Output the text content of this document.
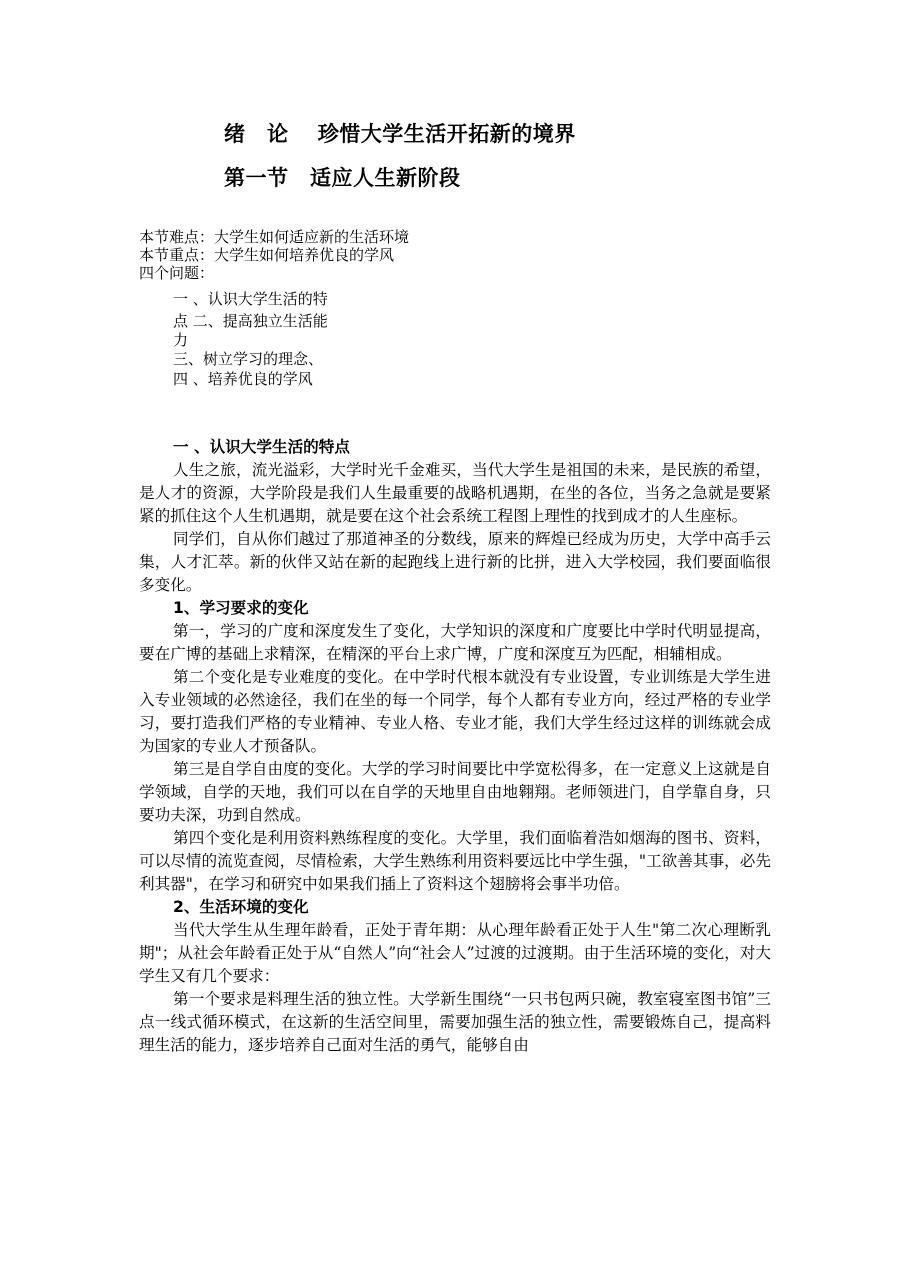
绪　论　 珍惜大学生活开拓新的境界
第一节　适应人生新阶段
本节难点：大学生如何适应新的生活环境
本节重点：大学生如何培养优良的学风
四个问题：
一 、认识大学生活的特
点 二、提高独立生活能
力
三、树立学习的理念、
四 、培养优良的学风

一 、认识大学生活的特点

人生之旅，流光溢彩，大学时光千金难买，当代大学生是祖国的未来，是民族的希望，是人才的资源，大学阶段是我们人生最重要的战略机遇期，在坐的各位，当务之急就是要紧紧的抓住这个人生机遇期，就是要在这个社会系统工程图上理性的找到成才的人生座标。

同学们，自从你们越过了那道神圣的分数线，原来的辉煌已经成为历史，大学中高手云集，人才汇萃。新的伙伴又站在新的起跑线上进行新的比拼，进入大学校园，我们要面临很多变化。

1、学习要求的变化

第一，学习的广度和深度发生了变化，大学知识的深度和广度要比中学时代明显提高，要在广博的基础上求精深，在精深的平台上求广博，广度和深度互为匹配，相辅相成。

第二个变化是专业难度的变化。在中学时代根本就没有专业设置，专业训练是大学生进入专业领域的必然途径，我们在坐的每一个同学，每个人都有专业方向，经过严格的专业学习，要打造我们严格的专业精神、专业人格、专业才能，我们大学生经过这样的训练就会成为国家的专业人才预备队。

第三是自学自由度的变化。大学的学习时间要比中学宽松得多，在一定意义上这就是自学领域，自学的天地，我们可以在自学的天地里自由地翱翔。老师领进门，自学靠自身，只要功夫深，功到自然成。

第四个变化是利用资料熟练程度的变化。大学里，我们面临着浩如烟海的图书、资料，可以尽情的流览查阅，尽情检索，大学生熟练利用资料要远比中学生强，"工欲善其事，必先利其器"，在学习和研究中如果我们插上了资料这个翅膀将会事半功倍。

2、生活环境的变化

当代大学生从生理年龄看，正处于青年期：从心理年龄看正处于人生"第二次心理断乳期"；从社会年龄看正处于从“自然人”向“社会人”过渡的过渡期。由于生活环境的变化，对大学生又有几个要求：

第一个要求是料理生活的独立性。大学新生围绕“一只书包两只碗，教室寝室图书馆”三点一线式循环模式，在这新的生活空间里，需要加强生活的独立性，需要锻炼自己，提高料理生活的能力，逐步培养自己面对生活的勇气，能够自由
